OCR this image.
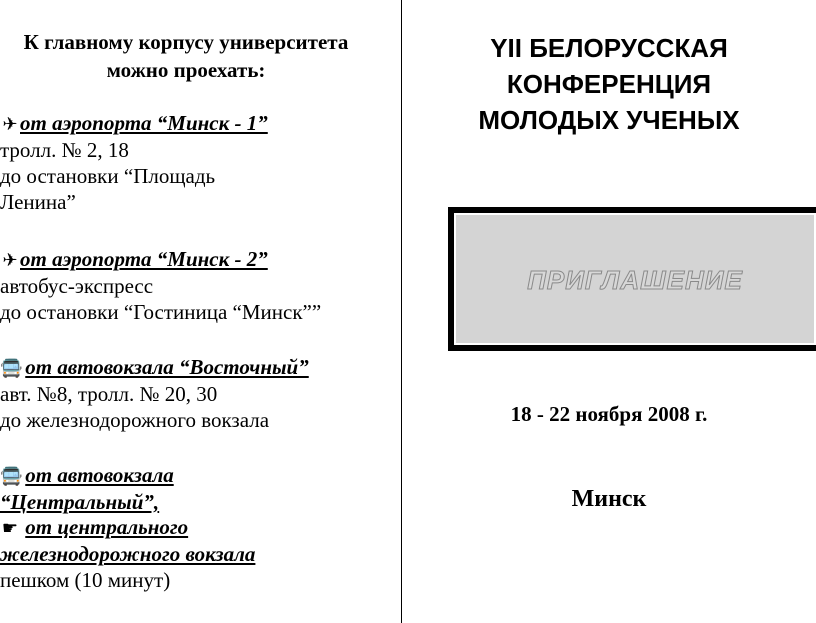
К главному корпусу университета
можно проехать:
✈ от аэропорта “Минск - 1”
тролл. № 2, 18
до остановки “Площадь
Ленина”
✈ от аэропорта “Минск - 2”
автобус-экспресс
до остановки “Гостиница “Минск””
🚍 от автовокзала “Восточный”
авт. №8, тролл. № 20, 30
до железнодорожного вокзала
🚍 от автовокзала
“Центральный”,
☛ от центрального
железнодорожного вокзала
пешком (10 минут)
YII БЕЛОРУССКАЯ
КОНФЕРЕНЦИЯ
МОЛОДЫХ УЧЕНЫХ
ПРИГЛАШЕНИЕ
18 - 22 ноября 2008 г.
Минск
